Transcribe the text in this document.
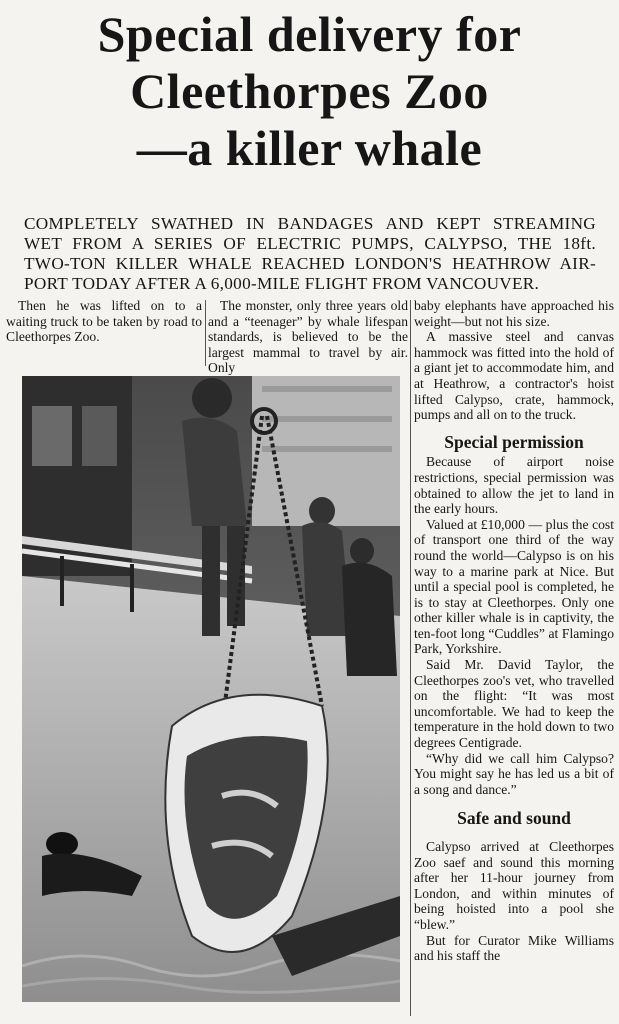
Special delivery for
Cleethorpes Zoo
—a killer whale
COMPLETELY SWATHED IN BANDAGES AND KEPT STREAMING
WET FROM A SERIES OF ELECTRIC PUMPS, CALYPSO, THE 18ft.
TWO-TON KILLER WHALE REACHED LONDON'S HEATHROW AIR-
PORT TODAY AFTER A 6,000-MILE FLIGHT FROM VANCOUVER.

Then he was lifted on to a waiting truck to be taken by road to Cleethorpes Zoo.

The monster, only three years old and a “teenager” by whale lifespan standards, is believed to be the largest mammal to travel by air. Only

baby elephants have approached his weight—but not his size.

A massive steel and canvas hammock was fitted into the hold of a giant jet to accommodate him, and at Heathrow, a contractor's hoist lifted Calypso, crate, hammock, pumps and all on to the truck.

Special permission

Because of airport noise restrictions, special permission was obtained to allow the jet to land in the early hours.

Valued at £10,000 — plus the cost of transport one third of the way round the world—Calypso is on his way to a marine park at Nice. But until a special pool is completed, he is to stay at Cleethorpes. Only one other killer whale is in captivity, the ten-foot long “Cuddles” at Flamingo Park, Yorkshire.

Said Mr. David Taylor, the Cleethorpes zoo's vet, who travelled on the flight: “It was most uncomfortable. We had to keep the temperature in the hold down to two degrees Centigrade.

“Why did we call him Calypso? You might say he has led us a bit of a song and dance.”

Safe and sound

Calypso arrived at Cleethorpes Zoo saef and sound this morning after her 11-hour journey from London, and within minutes of being hoisted into a pool she “blew.”

But for Curator Mike Williams and his staff the
